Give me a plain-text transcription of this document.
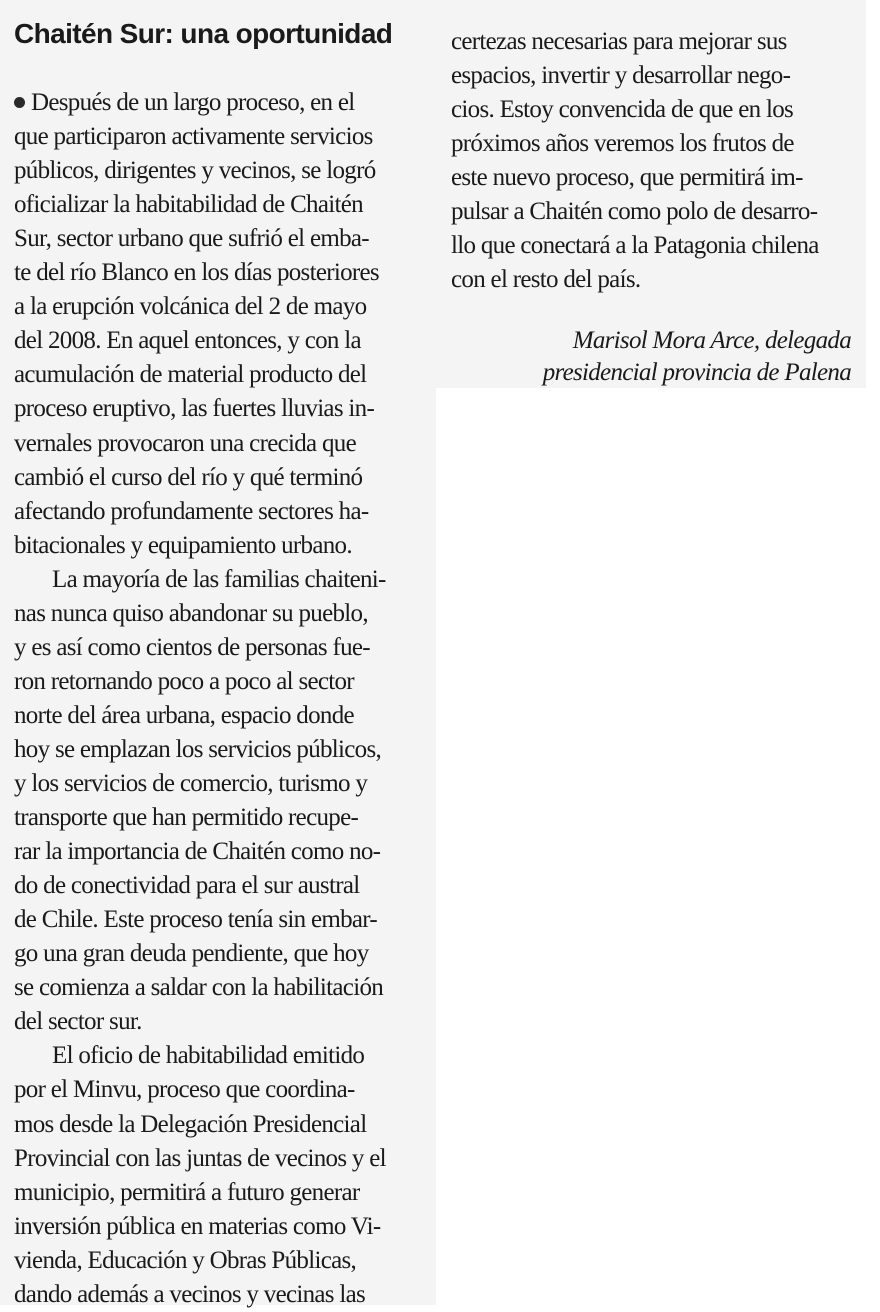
Chaitén Sur: una oportunidad
Después de un largo proceso, en el
que participaron activamente servicios
públicos, dirigentes y vecinos, se logró
oficializar la habitabilidad de Chaitén
Sur, sector urbano que sufrió el emba-
te del río Blanco en los días posteriores
a la erupción volcánica del 2 de mayo
del 2008. En aquel entonces, y con la
acumulación de material producto del
proceso eruptivo, las fuertes lluvias in-
vernales provocaron una crecida que
cambió el curso del río y qué terminó
afectando profundamente sectores ha-
bitacionales y equipamiento urbano.
La mayoría de las familias chaiteni-
nas nunca quiso abandonar su pueblo,
y es así como cientos de personas fue-
ron retornando poco a poco al sector
norte del área urbana, espacio donde
hoy se emplazan los servicios públicos,
y los servicios de comercio, turismo y
transporte que han permitido recupe-
rar la importancia de Chaitén como no-
do de conectividad para el sur austral
de Chile. Este proceso tenía sin embar-
go una gran deuda pendiente, que hoy
se comienza a saldar con la habilitación
del sector sur.
El oficio de habitabilidad emitido
por el Minvu, proceso que coordina-
mos desde la Delegación Presidencial
Provincial con las juntas de vecinos y el
municipio, permitirá a futuro generar
inversión pública en materias como Vi-
vienda, Educación y Obras Públicas,
dando además a vecinos y vecinas las
certezas necesarias para mejorar sus
espacios, invertir y desarrollar nego-
cios. Estoy convencida de que en los
próximos años veremos los frutos de
este nuevo proceso, que permitirá im-
pulsar a Chaitén como polo de desarro-
llo que conectará a la Patagonia chilena
con el resto del país.
Marisol Mora Arce, delegada
presidencial provincia de Palena
